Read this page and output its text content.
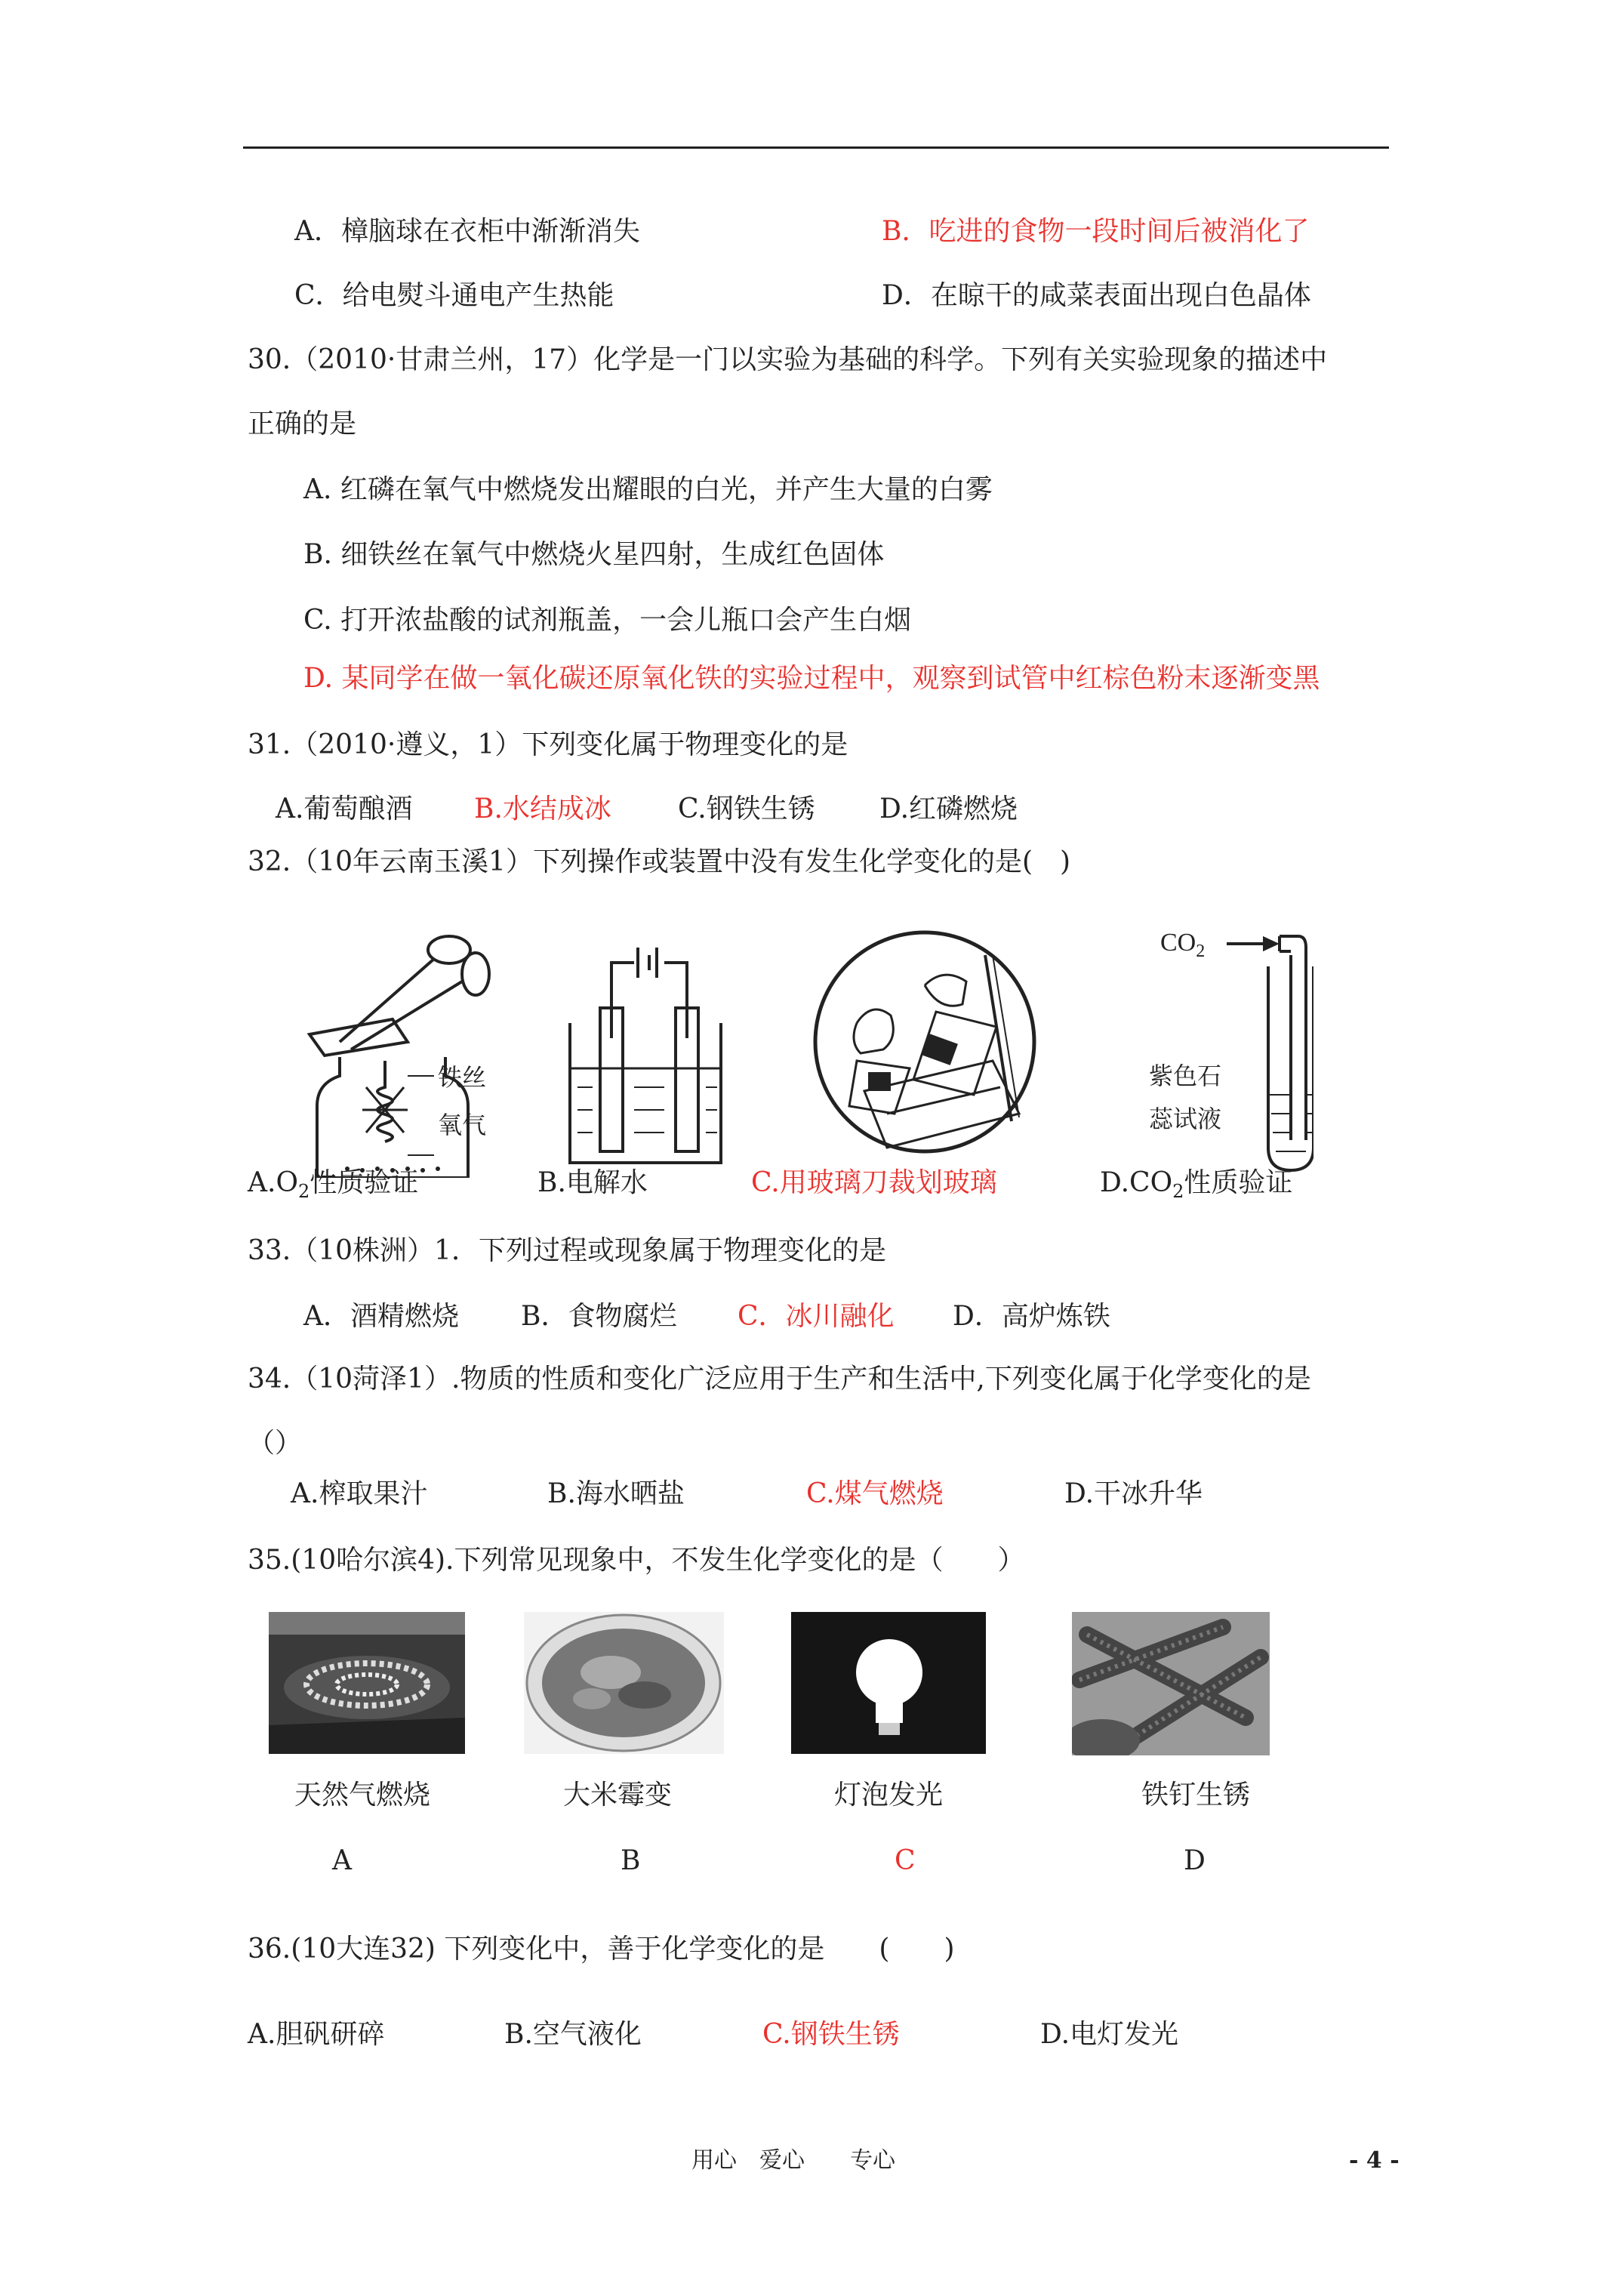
A．樟脑球在衣柜中渐渐消失	B．吃进的食物一段时间后被消化了
C．给电熨斗通电产生热能	D．在晾干的咸菜表面出现白色晶体
30.（2010·甘肃兰州，17）化学是一门以实验为基础的科学。下列有关实验现象的描述中
正确的是
A. 红磷在氧气中燃烧发出耀眼的白光，并产生大量的白雾
B. 细铁丝在氧气中燃烧火星四射，生成红色固体
C. 打开浓盐酸的试剂瓶盖，一会儿瓶口会产生白烟
D. 某同学在做一氧化碳还原氧化铁的实验过程中，观察到试管中红棕色粉末逐渐变黑
31.（2010·遵义，1）下列变化属于物理变化的是
A.葡萄酿酒 B.水结成冰 C.钢铁生锈 D.红磷燃烧
32.（10年云南玉溪1）下列操作或装置中没有发生化学变化的是(　)
铁丝
氧气
$CO_2$
紫色石
蕊试液
$A.O_2$性质验证	B.电解水	C.用玻璃刀裁划玻璃	$D.CO_2$性质验证
33.（10株洲）1．下列过程或现象属于物理变化的是
A．酒精燃烧 B．食物腐烂 C．冰川融化 D．高炉炼铁
34.（10菏泽1）.物质的性质和变化广泛应用于生产和生活中,下列变化属于化学变化的是
（）
A.榨取果汁	B.海水晒盐	C.煤气燃烧	D.干冰升华
35.(10哈尔滨4).下列常见现象中，不发生化学变化的是（　　）
天然气燃烧	大米霉变	灯泡发光	铁钉生锈
A	B	C	D
36.(10大连32) 下列变化中，善于化学变化的是　　(　　)
A.胆矾研碎	B.空气液化	C.钢铁生锈	D.电灯发光
用心　爱心　　专心	- 4 -
